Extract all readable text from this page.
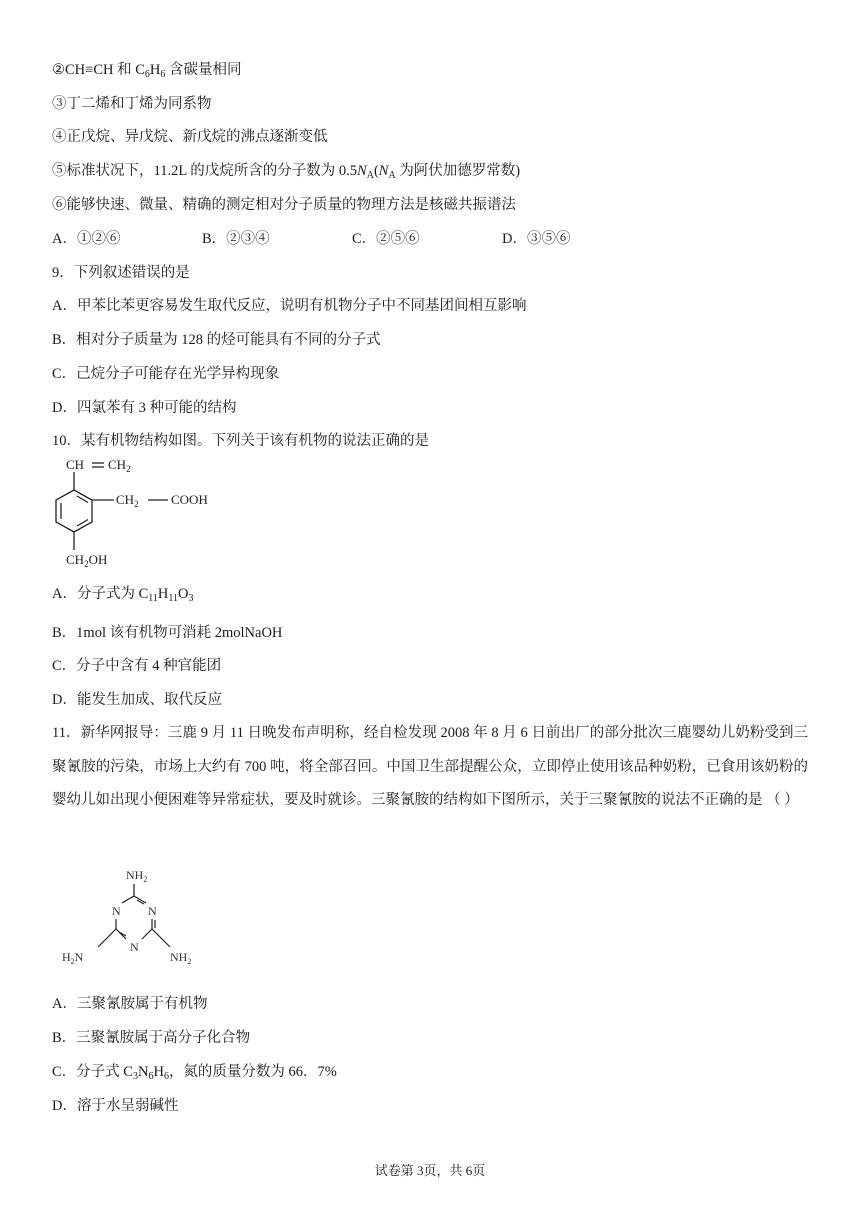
②CH≡CH 和 $C_6H_6$ 含碳量相同
③丁二烯和丁烯为同系物
④正戊烷、异戊烷、新戊烷的沸点逐渐变低
⑤标准状况下，11.2L 的戊烷所含的分子数为 $0.5N_A(N_A$ 为阿伏加德罗常数)
⑥能够快速、微量、精确的测定相对分子质量的物理方法是核磁共振谱法
A．①②⑥	B．②③④	C．②⑤⑥	D．③⑤⑥
9．下列叙述错误的是
A．甲苯比苯更容易发生取代反应，说明有机物分子中不同基团间相互影响
B．相对分子质量为 128 的烃可能具有不同的分子式
C．己烷分子可能存在光学异构现象
D．四氯苯有 3 种可能的结构
10．某有机物结构如图。下列关于该有机物的说法正确的是
CH $CH_2$
$CH_2$ COOH
$CH_2OH$
A．分子式为 $C_{11}H_{11}O_3$
B．1mol 该有机物可消耗 2molNaOH
C．分子中含有 4 种官能团
D．能发生加成、取代反应
11．新华网报导：三鹿 9 月 11 日晚发布声明称，经自检发现 2008 年 8 月 6 日前出厂的部分批次三鹿婴幼儿奶粉受到三聚氰胺的污染，市场上大约有 700 吨，将全部召回。中国卫生部提醒公众，立即停止使用该品种奶粉，已食用该奶粉的婴幼儿如出现小便困难等异常症状，要及时就诊。三聚氰胺的结构如下图所示，关于三聚氰胺的说法不正确的是 （ ）
$NH_2$
N N
N
$H_2N$	$NH_2$
A．三聚氰胺属于有机物
B．三聚氰胺属于高分子化合物
C．分子式 $C_3N_6H_6$，氮的质量分数为 66．7%
D．溶于水呈弱碱性
试卷第 3页，共 6页
